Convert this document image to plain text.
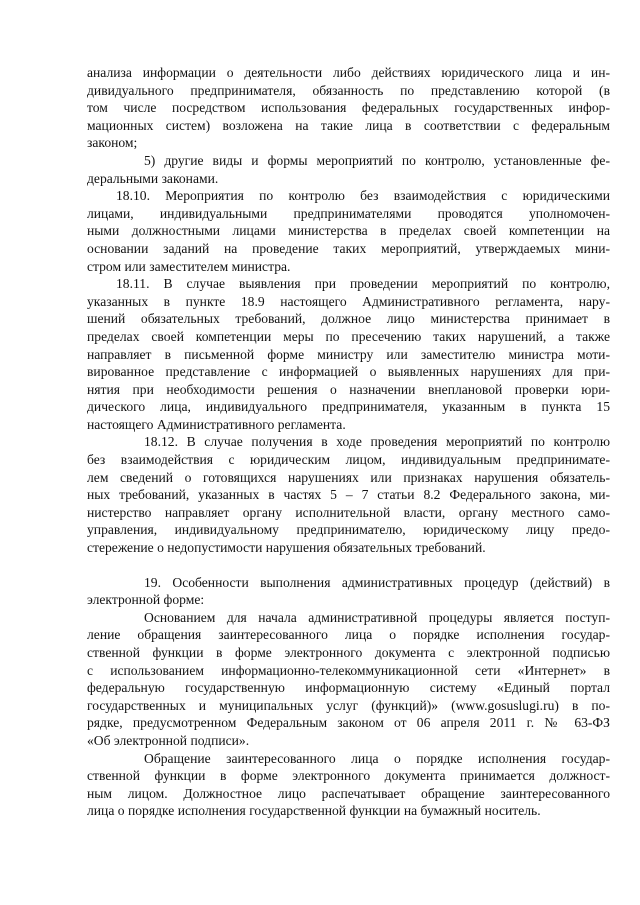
анализа информации о деятельности либо действиях юридического лица и ин-
дивидуального предпринимателя, обязанность по представлению которой (в
том числе посредством использования федеральных государственных инфор-
мационных систем) возложена на такие лица в соответствии с федеральным
законом;
5) другие виды и формы мероприятий по контролю, установленные фе-
деральными законами.
18.10. Мероприятия по контролю без взаимодействия с юридическими
лицами, индивидуальными предпринимателями проводятся уполномочен-
ными должностными лицами министерства в пределах своей компетенции на
основании заданий на проведение таких мероприятий, утверждаемых мини-
стром или заместителем министра.
18.11. В случае выявления при проведении мероприятий по контролю,
указанных в пункте 18.9 настоящего Административного регламента, нару-
шений обязательных требований, должное лицо министерства принимает в
пределах своей компетенции меры по пресечению таких нарушений, а также
направляет в письменной форме министру или заместителю министра моти-
вированное представление с информацией о выявленных нарушениях для при-
нятия при необходимости решения о назначении внеплановой проверки юри-
дического лица, индивидуального предпринимателя, указанным в пункта 15
настоящего Административного регламента.
18.12. В случае получения в ходе проведения мероприятий по контролю
без взаимодействия с юридическим лицом, индивидуальным предпринимате-
лем сведений о готовящихся нарушениях или признаках нарушения обязатель-
ных требований, указанных в частях 5 – 7 статьи 8.2 Федерального закона, ми-
нистерство направляет органу исполнительной власти, органу местного само-
управления, индивидуальному предпринимателю, юридическому лицу предо-
стережение о недопустимости нарушения обязательных требований.
19. Особенности выполнения административных процедур (действий) в
электронной форме:
Основанием для начала административной процедуры является поступ-
ление обращения заинтересованного лица о порядке исполнения государ-
ственной функции в форме электронного документа с электронной подписью
с использованием информационно-телекоммуникационной сети «Интернет» в
федеральную государственную информационную систему «Единый портал
государственных и муниципальных услуг (функций)» (www.gosuslugi.ru) в по-
рядке, предусмотренном Федеральным законом от 06 апреля 2011 г. № 63-ФЗ
«Об электронной подписи».
Обращение заинтересованного лица о порядке исполнения государ-
ственной функции в форме электронного документа принимается должност-
ным лицом. Должностное лицо распечатывает обращение заинтересованного
лица о порядке исполнения государственной функции на бумажный носитель.
